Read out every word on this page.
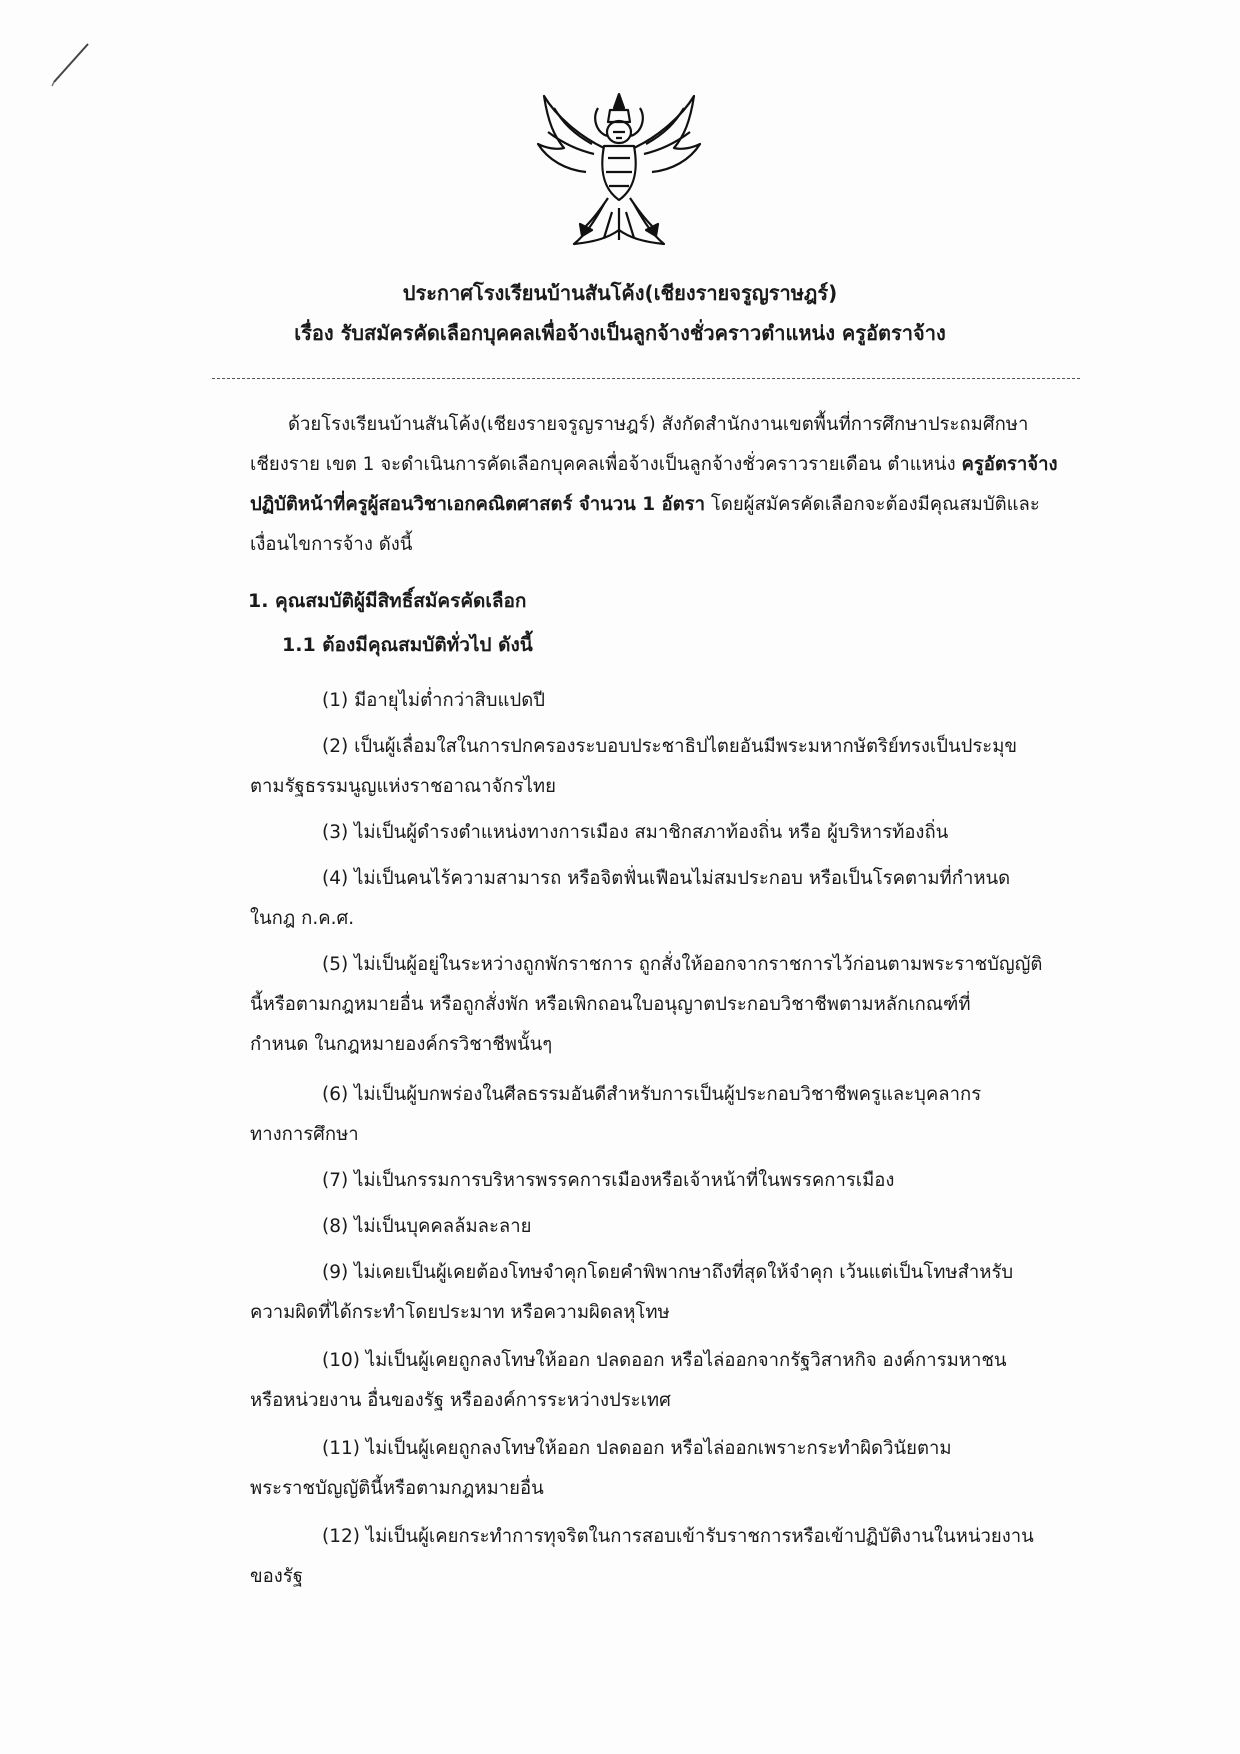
ประกาศโรงเรียนบ้านสันโค้ง(เชียงรายจรูญราษฎร์)
เรื่อง รับสมัครคัดเลือกบุคคลเพื่อจ้างเป็นลูกจ้างชั่วคราวตำแหน่ง ครูอัตราจ้าง
ด้วยโรงเรียนบ้านสันโค้ง(เชียงรายจรูญราษฎร์) สังกัดสำนักงานเขตพื้นที่การศึกษาประถมศึกษา
เชียงราย เขต 1 จะดำเนินการคัดเลือกบุคคลเพื่อจ้างเป็นลูกจ้างชั่วคราวรายเดือน ตำแหน่ง ครูอัตราจ้าง
ปฏิบัติหน้าที่ครูผู้สอนวิชาเอกคณิตศาสตร์ จำนวน 1 อัตรา โดยผู้สมัครคัดเลือกจะต้องมีคุณสมบัติและ
เงื่อนไขการจ้าง ดังนี้
1. คุณสมบัติผู้มีสิทธิ์สมัครคัดเลือก
1.1 ต้องมีคุณสมบัติทั่วไป ดังนี้
(1) มีอายุไม่ต่ำกว่าสิบแปดปี
(2) เป็นผู้เลื่อมใสในการปกครองระบอบประชาธิปไตยอันมีพระมหากษัตริย์ทรงเป็นประมุข
ตามรัฐธรรมนูญแห่งราชอาณาจักรไทย
(3) ไม่เป็นผู้ดำรงตำแหน่งทางการเมือง สมาชิกสภาท้องถิ่น หรือ ผู้บริหารท้องถิ่น
(4) ไม่เป็นคนไร้ความสามารถ หรือจิตฟั่นเฟือนไม่สมประกอบ หรือเป็นโรคตามที่กำหนด
ในกฎ ก.ค.ศ.
(5) ไม่เป็นผู้อยู่ในระหว่างถูกพักราชการ ถูกสั่งให้ออกจากราชการไว้ก่อนตามพระราชบัญญัติ
นี้หรือตามกฎหมายอื่น หรือถูกสั่งพัก หรือเพิกถอนใบอนุญาตประกอบวิชาชีพตามหลักเกณฑ์ที่
กำหนด ในกฎหมายองค์กรวิชาชีพนั้นๆ
(6) ไม่เป็นผู้บกพร่องในศีลธรรมอันดีสำหรับการเป็นผู้ประกอบวิชาชีพครูและบุคลากร
ทางการศึกษา
(7) ไม่เป็นกรรมการบริหารพรรคการเมืองหรือเจ้าหน้าที่ในพรรคการเมือง
(8) ไม่เป็นบุคคลล้มละลาย
(9) ไม่เคยเป็นผู้เคยต้องโทษจำคุกโดยคำพิพากษาถึงที่สุดให้จำคุก เว้นแต่เป็นโทษสำหรับ
ความผิดที่ได้กระทำโดยประมาท หรือความผิดลหุโทษ
(10) ไม่เป็นผู้เคยถูกลงโทษให้ออก ปลดออก หรือไล่ออกจากรัฐวิสาหกิจ องค์การมหาชน
หรือหน่วยงาน อื่นของรัฐ หรือองค์การระหว่างประเทศ
(11) ไม่เป็นผู้เคยถูกลงโทษให้ออก ปลดออก หรือไล่ออกเพราะกระทำผิดวินัยตาม
พระราชบัญญัตินี้หรือตามกฎหมายอื่น
(12) ไม่เป็นผู้เคยกระทำการทุจริตในการสอบเข้ารับราชการหรือเข้าปฏิบัติงานในหน่วยงาน
ของรัฐ
